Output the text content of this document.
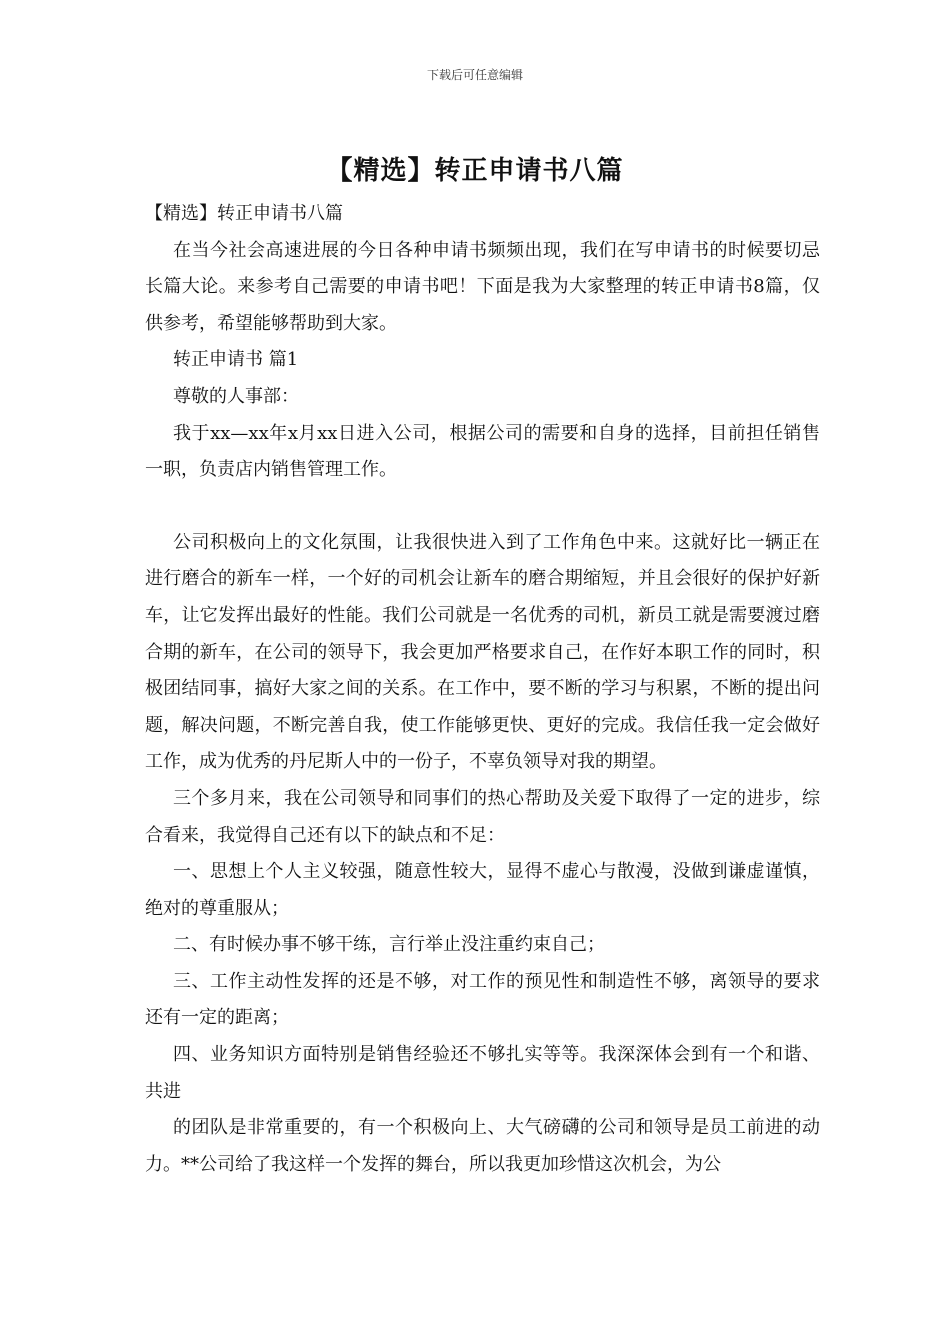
下载后可任意编辑
【精选】转正申请书八篇

【精选】转正申请书八篇

在当今社会高速进展的今日各种申请书频频出现，我们在写申请书的时候要切忌长篇大论。来参考自己需要的申请书吧！下面是我为大家整理的转正申请书8篇，仅供参考，希望能够帮助到大家。

转正申请书 篇1

尊敬的人事部：

我于xx—xx年x月xx日进入公司，根据公司的需要和自身的选择，目前担任销售一职，负责店内销售管理工作。

公司积极向上的文化氛围，让我很快进入到了工作角色中来。这就好比一辆正在进行磨合的新车一样，一个好的司机会让新车的磨合期缩短，并且会很好的保护好新车，让它发挥出最好的性能。我们公司就是一名优秀的司机，新员工就是需要渡过磨合期的新车，在公司的领导下，我会更加严格要求自己，在作好本职工作的同时，积极团结同事，搞好大家之间的关系。在工作中，要不断的学习与积累，不断的提出问题，解决问题，不断完善自我，使工作能够更快、更好的完成。我信任我一定会做好工作，成为优秀的丹尼斯人中的一份子，不辜负领导对我的期望。

三个多月来，我在公司领导和同事们的热心帮助及关爱下取得了一定的进步，综合看来，我觉得自己还有以下的缺点和不足：

一、思想上个人主义较强，随意性较大，显得不虚心与散漫，没做到谦虚谨慎，绝对的尊重服从；

二、有时候办事不够干练，言行举止没注重约束自己；

三、工作主动性发挥的还是不够，对工作的预见性和制造性不够，离领导的要求还有一定的距离；

四、业务知识方面特别是销售经验还不够扎实等等。我深深体会到有一个和谐、共进

的团队是非常重要的，有一个积极向上、大气磅礴的公司和领导是员工前进的动力。**公司给了我这样一个发挥的舞台，所以我更加珍惜这次机会，为公
